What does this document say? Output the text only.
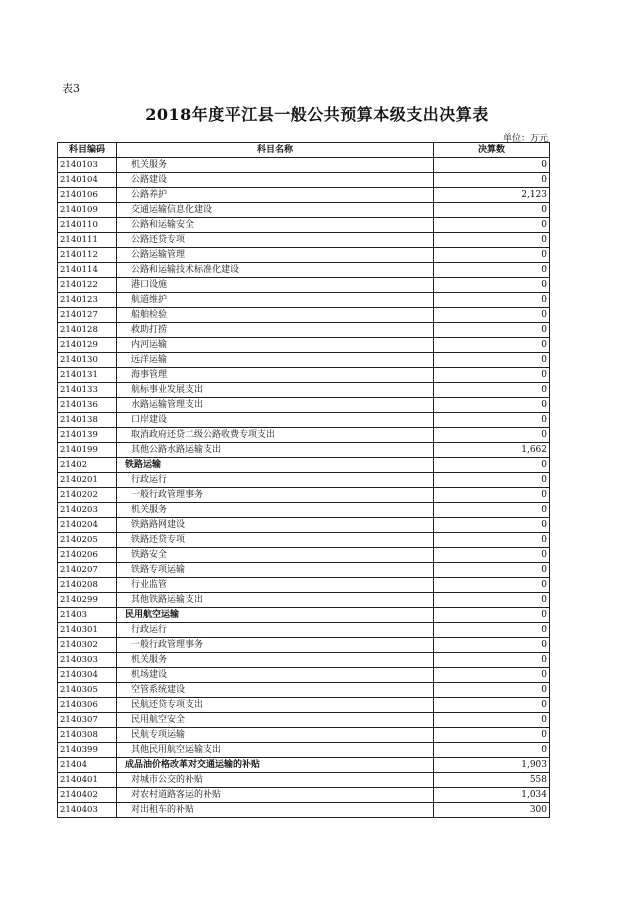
表3
2018年度平江县一般公共预算本级支出决算表
单位：万元
科目编码	科目名称	决算数
2140103	机关服务	0
2140104	公路建设	0
2140106	公路养护	2,123
2140109	交通运输信息化建设	0
2140110	公路和运输安全	0
2140111	公路还贷专项	0
2140112	公路运输管理	0
2140114	公路和运输技术标准化建设	0
2140122	港口设施	0
2140123	航道维护	0
2140127	船舶检验	0
2140128	救助打捞	0
2140129	内河运输	0
2140130	远洋运输	0
2140131	海事管理	0
2140133	航标事业发展支出	0
2140136	水路运输管理支出	0
2140138	口岸建设	0
2140139	取消政府还贷二级公路收费专项支出	0
2140199	其他公路水路运输支出	1,662
21402	铁路运输	0
2140201	行政运行	0
2140202	一般行政管理事务	0
2140203	机关服务	0
2140204	铁路路网建设	0
2140205	铁路还贷专项	0
2140206	铁路安全	0
2140207	铁路专项运输	0
2140208	行业监管	0
2140299	其他铁路运输支出	0
21403	民用航空运输	0
2140301	行政运行	0
2140302	一般行政管理事务	0
2140303	机关服务	0
2140304	机场建设	0
2140305	空管系统建设	0
2140306	民航还贷专项支出	0
2140307	民用航空安全	0
2140308	民航专项运输	0
2140399	其他民用航空运输支出	0
21404	成品油价格改革对交通运输的补贴	1,903
2140401	对城市公交的补贴	558
2140402	对农村道路客运的补贴	1,034
2140403	对出租车的补贴	300
